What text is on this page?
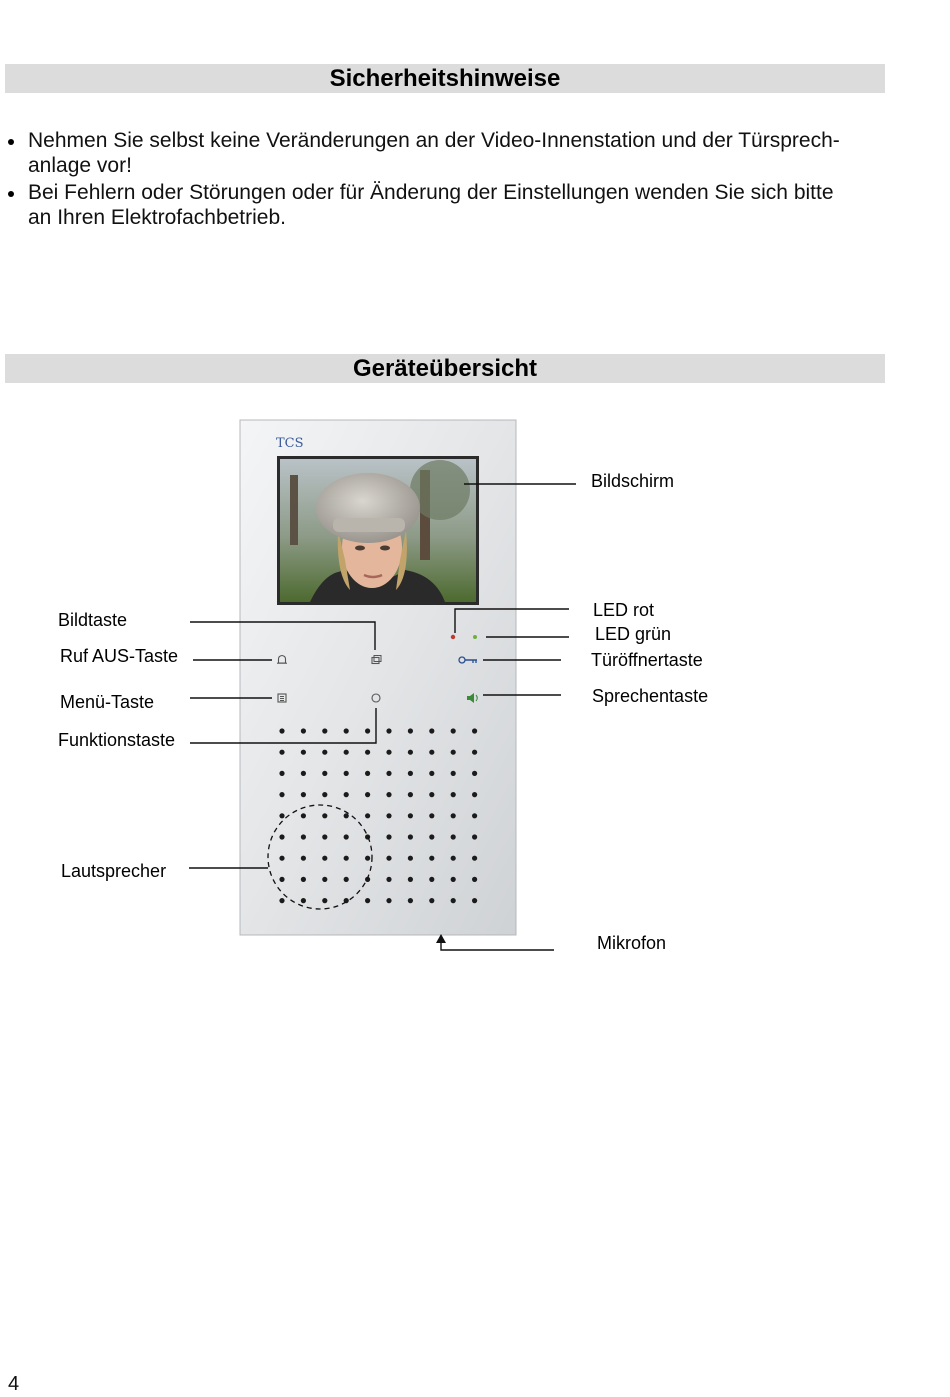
Sicherheitshinweise
Nehmen Sie selbst keine Veränderungen an der Video-Innenstation und der Türsprech-
anlage vor!
Bei Fehlern oder Störungen oder für Änderung der Einstellungen wenden Sie sich bitte
an Ihren Elektrofachbetrieb.
Geräteübersicht
TCS
Bildschirm
Bildtaste
Ruf AUS-Taste
Menü-Taste
Funktionstaste
Lautsprecher
LED rot
LED grün
Türöffnertaste
Sprechentaste
Mikrofon
4
